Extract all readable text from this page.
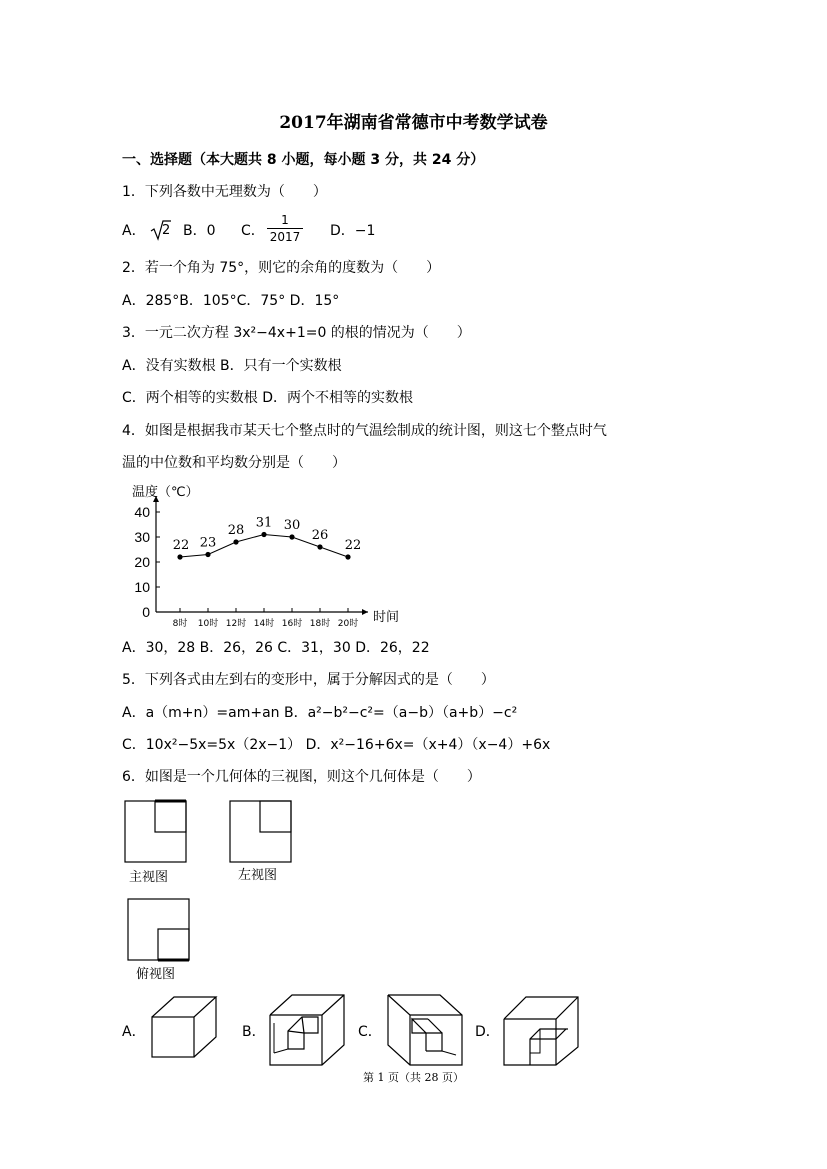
2017年湖南省常德市中考数学试卷
一、选择题（本大题共 8 小题，每小题 3 分，共 24 分）
1．下列各数中无理数为（　　）
A． 2 B．0 C．
1
2017 D．−1
2．若一个角为 75°，则它的余角的度数为（　　）
A．285°B．105°C．75° D．15°
3．一元二次方程 3x²−4x+1=0 的根的情况为（　　）
A．没有实数根 B．只有一个实数根
C．两个相等的实数根 D．两个不相等的实数根
4．如图是根据我市某天七个整点时的气温绘制成的统计图，则这七个整点时气
温的中位数和平均数分别是（　　）
0
10
20
30
40
8时 10时 12时 14时 16时 18时 20时
22 23
28 31 30
26
22
温度（℃）
时间
A．30，28 B．26，26 C．31，30 D．26，22
5．下列各式由左到右的变形中，属于分解因式的是（　　）
A．a（m+n）=am+an B．a²−b²−c²=（a−b）（a+b）−c²
C．10x²−5x=5x（2x−1） D．x²−16+6x=（x+4）（x−4）+6x
6．如图是一个几何体的三视图，则这个几何体是（　　）
主视图	左视图
俯视图
A．	B．	C．	D．
第 1 页（共 28 页）
